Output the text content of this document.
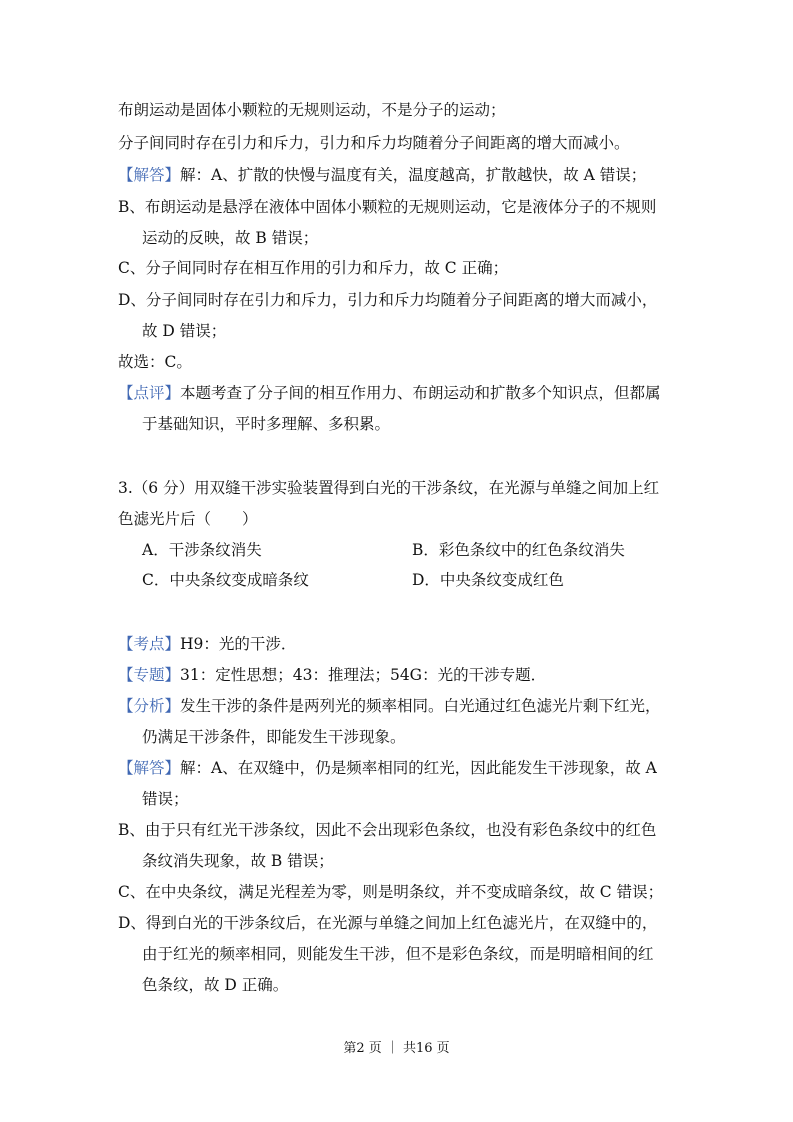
布朗运动是固体小颗粒的无规则运动，不是分子的运动；
分子间同时存在引力和斥力，引力和斥力均随着分子间距离的增大而减小。
【解答】解：A、扩散的快慢与温度有关，温度越高，扩散越快，故 A 错误；
B、布朗运动是悬浮在液体中固体小颗粒的无规则运动，它是液体分子的不规则
运动的反映，故 B 错误；
C、分子间同时存在相互作用的引力和斥力，故 C 正确；
D、分子间同时存在引力和斥力，引力和斥力均随着分子间距离的增大而减小，
故 D 错误；
故选：C。
【点评】本题考查了分子间的相互作用力、布朗运动和扩散多个知识点，但都属
于基础知识，平时多理解、多积累。
3.（6 分）用双缝干涉实验装置得到白光的干涉条纹，在光源与单缝之间加上红
色滤光片后（　　）
A．干涉条纹消失	B．彩色条纹中的红色条纹消失
C．中央条纹变成暗条纹	D．中央条纹变成红色
【考点】H9：光的干涉．
【专题】31：定性思想；43：推理法；54G：光的干涉专题．
【分析】发生干涉的条件是两列光的频率相同。白光通过红色滤光片剩下红光，
仍满足干涉条件，即能发生干涉现象。
【解答】解：A、在双缝中，仍是频率相同的红光，因此能发生干涉现象，故 A
错误；
B、由于只有红光干涉条纹，因此不会出现彩色条纹，也没有彩色条纹中的红色
条纹消失现象，故 B 错误；
C、在中央条纹，满足光程差为零，则是明条纹，并不变成暗条纹，故 C 错误；
D、得到白光的干涉条纹后，在光源与单缝之间加上红色滤光片，在双缝中的，
由于红光的频率相同，则能发生干涉，但不是彩色条纹，而是明暗相间的红
色条纹，故 D 正确。
第2 页 ｜ 共16 页
